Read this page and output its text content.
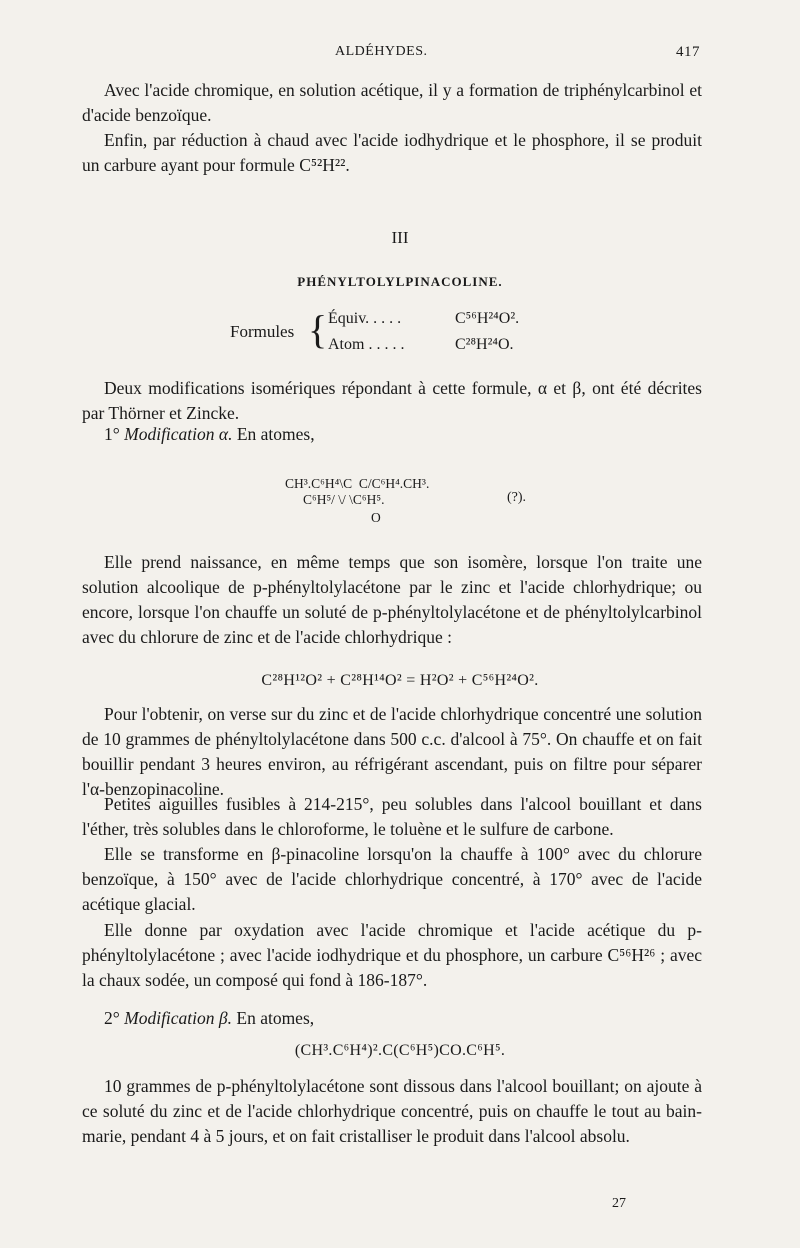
ALDÉHYDES.	417

Avec l'acide chromique, en solution acétique, il y a formation de triphénylcarbinol et d'acide benzoïque.

Enfin, par réduction à chaud avec l'acide iodhydrique et le phosphore, il se produit un carbure ayant pour formule C⁵²H²².

III
PHÉNYLTOLYLPINACOLINE.
Formules { Équiv. . . . .	C⁵⁶H²⁴O².
Atom . . . . .	C²⁸H²⁴O.

Deux modifications isomériques répondant à cette formule, α et β, ont été décrites par Thörner et Zincke.

1° Modification α. En atomes,
CH³.C⁶H⁴\C  C/C⁶H⁴.CH³.
C⁶H⁵/ \/ \C⁶H⁵.
O
(?).

Elle prend naissance, en même temps que son isomère, lorsque l'on traite une solution alcoolique de p-phényltolylacétone par le zinc et l'acide chlorhydrique; ou encore, lorsque l'on chauffe un soluté de p-phényltolylacétone et de phényltolylcarbinol avec du chlorure de zinc et de l'acide chlorhydrique :

C²⁸H¹²O² + C²⁸H¹⁴O² = H²O² + C⁵⁶H²⁴O².

Pour l'obtenir, on verse sur du zinc et de l'acide chlorhydrique concentré une solution de 10 grammes de phényltolylacétone dans 500 c.c. d'alcool à 75°. On chauffe et on fait bouillir pendant 3 heures environ, au réfrigérant ascendant, puis on filtre pour séparer l'α-benzopinacoline.

Petites aiguilles fusibles à 214-215°, peu solubles dans l'alcool bouillant et dans l'éther, très solubles dans le chloroforme, le toluène et le sulfure de carbone.

Elle se transforme en β-pinacoline lorsqu'on la chauffe à 100° avec du chlorure benzoïque, à 150° avec de l'acide chlorhydrique concentré, à 170° avec de l'acide acétique glacial.

Elle donne par oxydation avec l'acide chromique et l'acide acétique du p-phényltolylacétone ; avec l'acide iodhydrique et du phosphore, un carbure C⁵⁶H²⁶ ; avec la chaux sodée, un composé qui fond à 186-187°.

2° Modification β. En atomes,
(CH³.C⁶H⁴)².C(C⁶H⁵)CO.C⁶H⁵.

10 grammes de p-phényltolylacétone sont dissous dans l'alcool bouillant; on ajoute à ce soluté du zinc et de l'acide chlorhydrique concentré, puis on chauffe le tout au bain-marie, pendant 4 à 5 jours, et on fait cristalliser le produit dans l'alcool absolu.

27
